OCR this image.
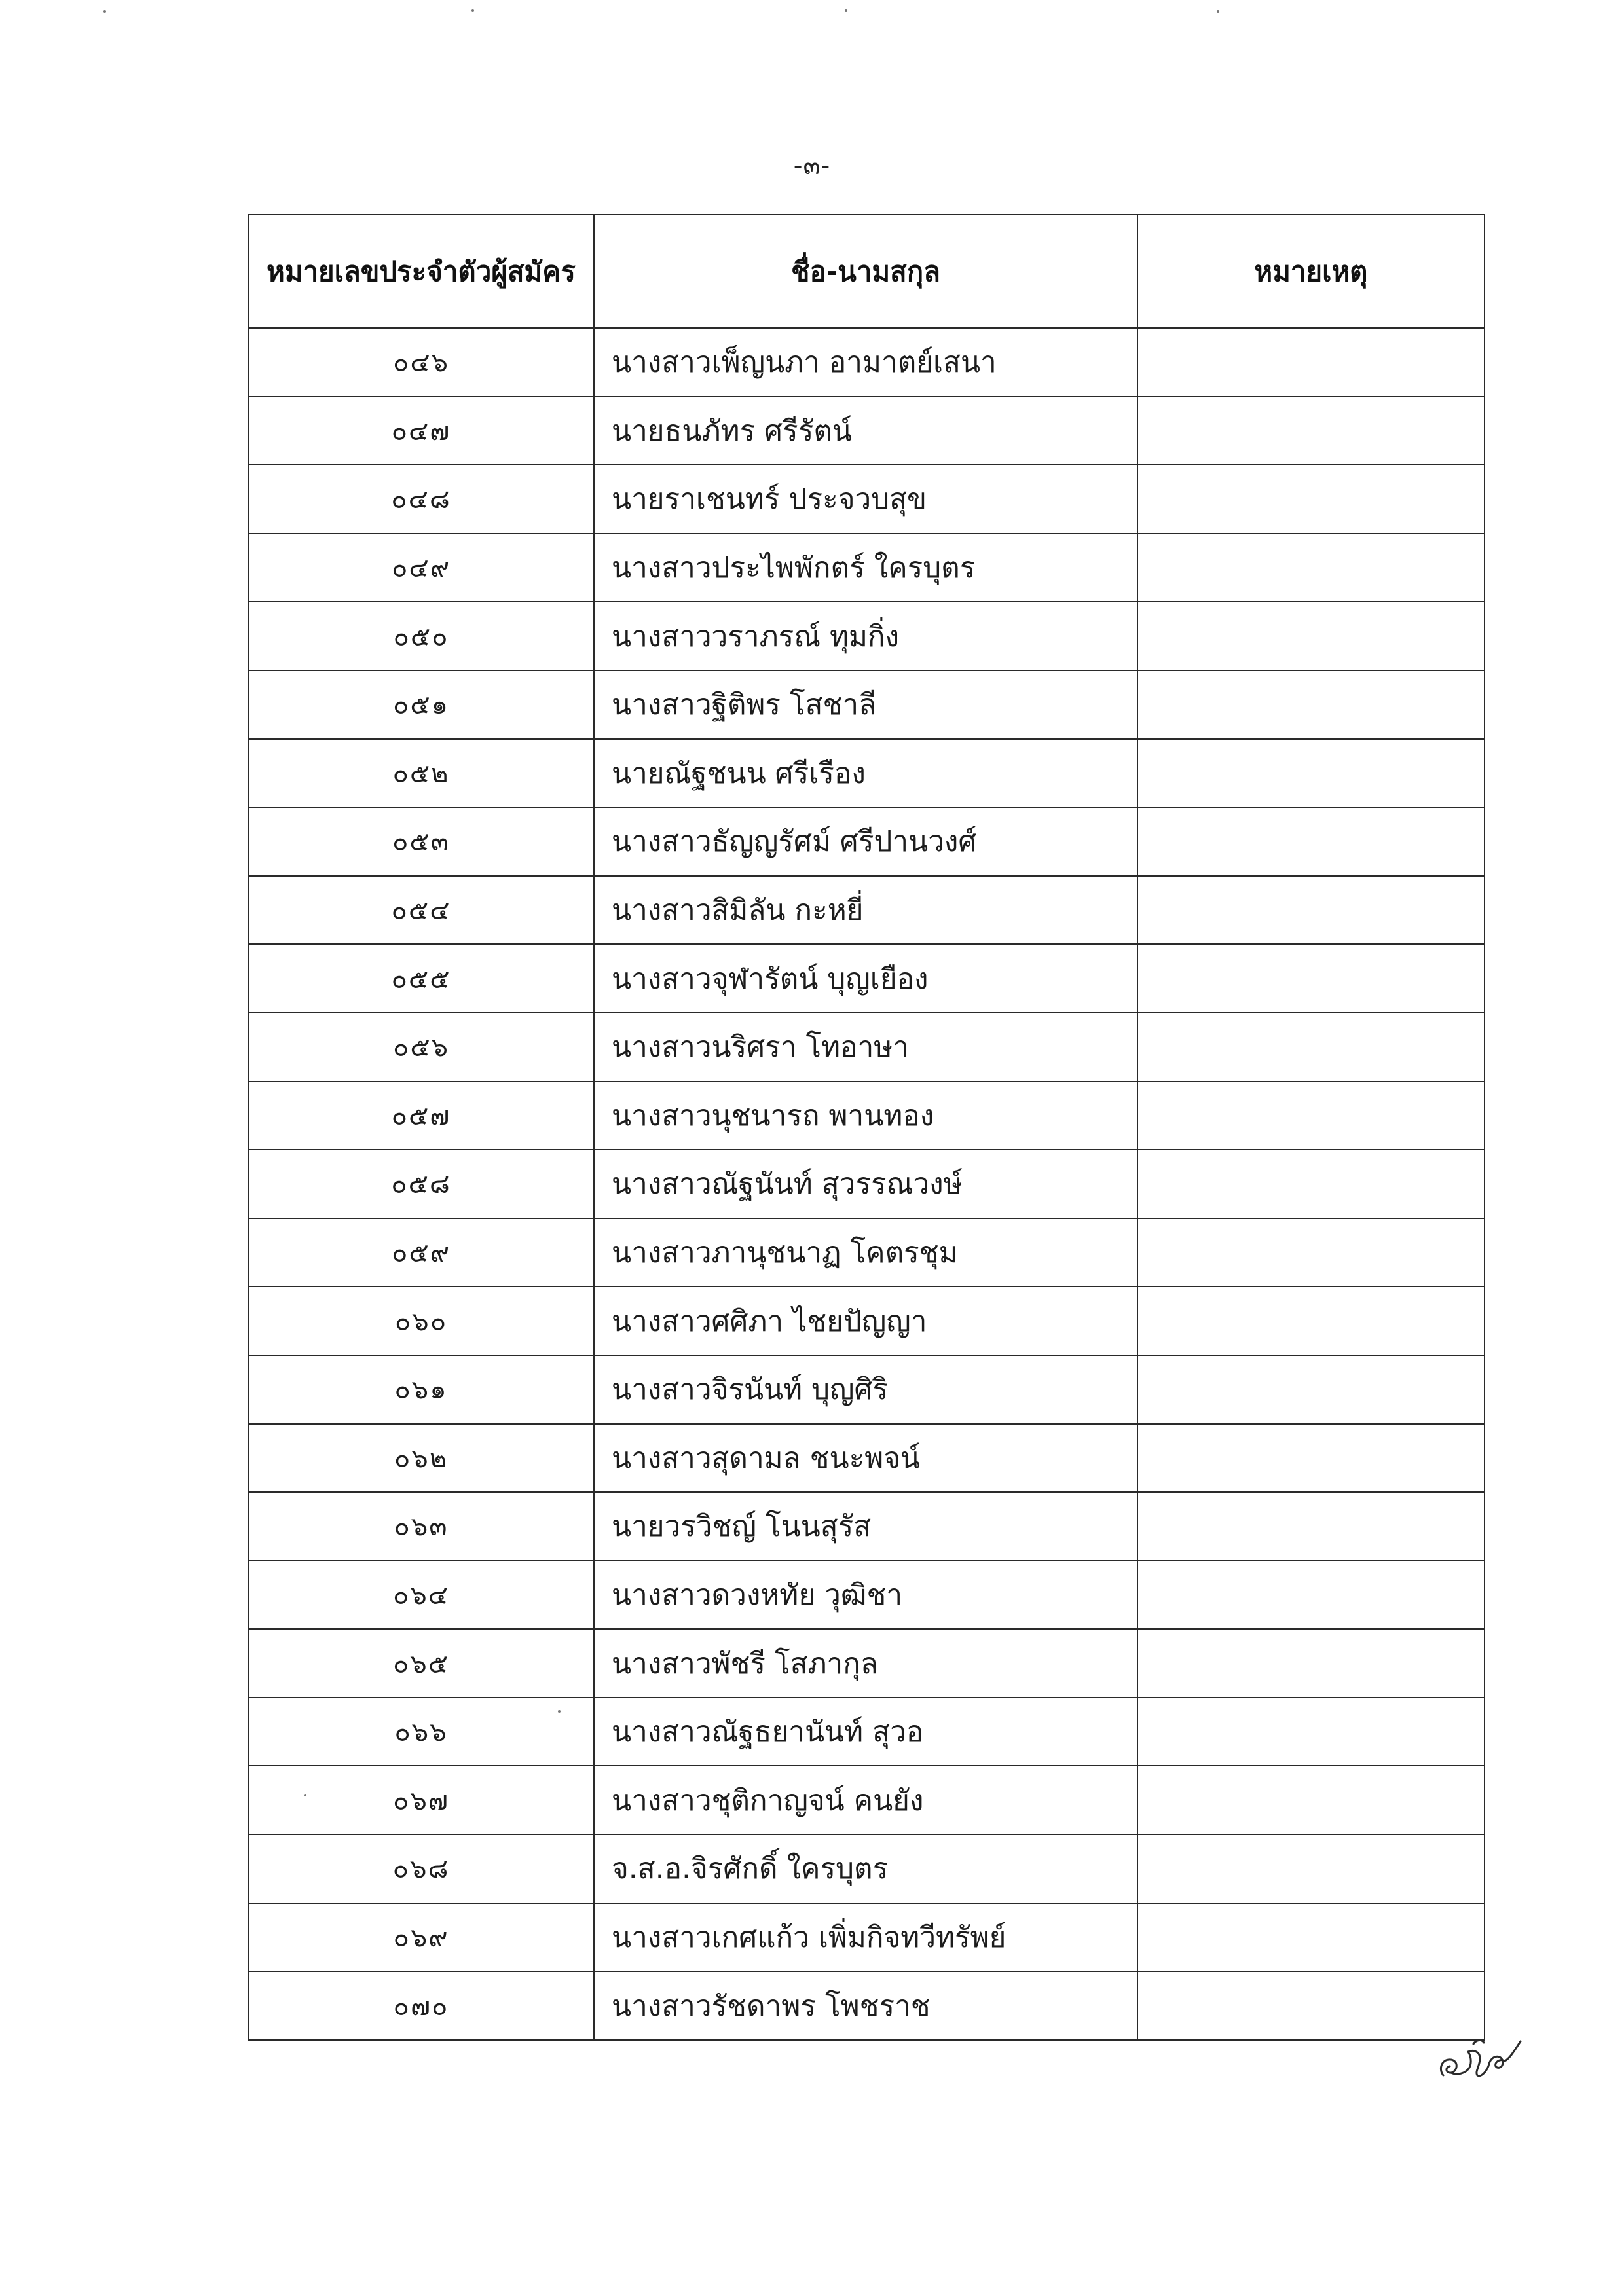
-๓-
หมายเลขประจำตัวผู้สมัคร	ชื่อ-นามสกุล	หมายเหตุ
๐๔๖	นางสาวเพ็ญนภา อามาตย์เสนา	
๐๔๗	นายธนภัทร ศรีรัตน์	
๐๔๘	นายราเชนทร์ ประจวบสุข	
๐๔๙	นางสาวประไพพักตร์ ใครบุตร	
๐๕๐	นางสาววราภรณ์ ทุมกิ่ง	
๐๕๑	นางสาวฐิติพร โสชาลี	
๐๕๒	นายณัฐชนน ศรีเรือง	
๐๕๓	นางสาวธัญญรัศม์ ศรีปานวงศ์	
๐๕๔	นางสาวสิมิลัน กะหยี่	
๐๕๕	นางสาวจุฬารัตน์ บุญเยือง	
๐๕๖	นางสาวนริศรา โทอาษา	
๐๕๗	นางสาวนุชนารถ พานทอง	
๐๕๘	นางสาวณัฐนันท์ สุวรรณวงษ์	
๐๕๙	นางสาวภานุชนาฏ โคตรชุม	
๐๖๐	นางสาวศศิภา ไชยปัญญา	
๐๖๑	นางสาวจิรนันท์ บุญศิริ	
๐๖๒	นางสาวสุดามล ชนะพจน์	
๐๖๓	นายวรวิชญ์ โนนสุรัส	
๐๖๔	นางสาวดวงหทัย วุฒิชา	
๐๖๕	นางสาวพัชรี โสภากุล	
๐๖๖	นางสาวณัฐธยานันท์ สุวอ	
๐๖๗	นางสาวชุติกาญจน์ คนยัง	
๐๖๘	จ.ส.อ.จิรศักดิ์ ใครบุตร	
๐๖๙	นางสาวเกศแก้ว เพิ่มกิจทวีทรัพย์	
๐๗๐	นางสาวรัชดาพร โพชราช	
